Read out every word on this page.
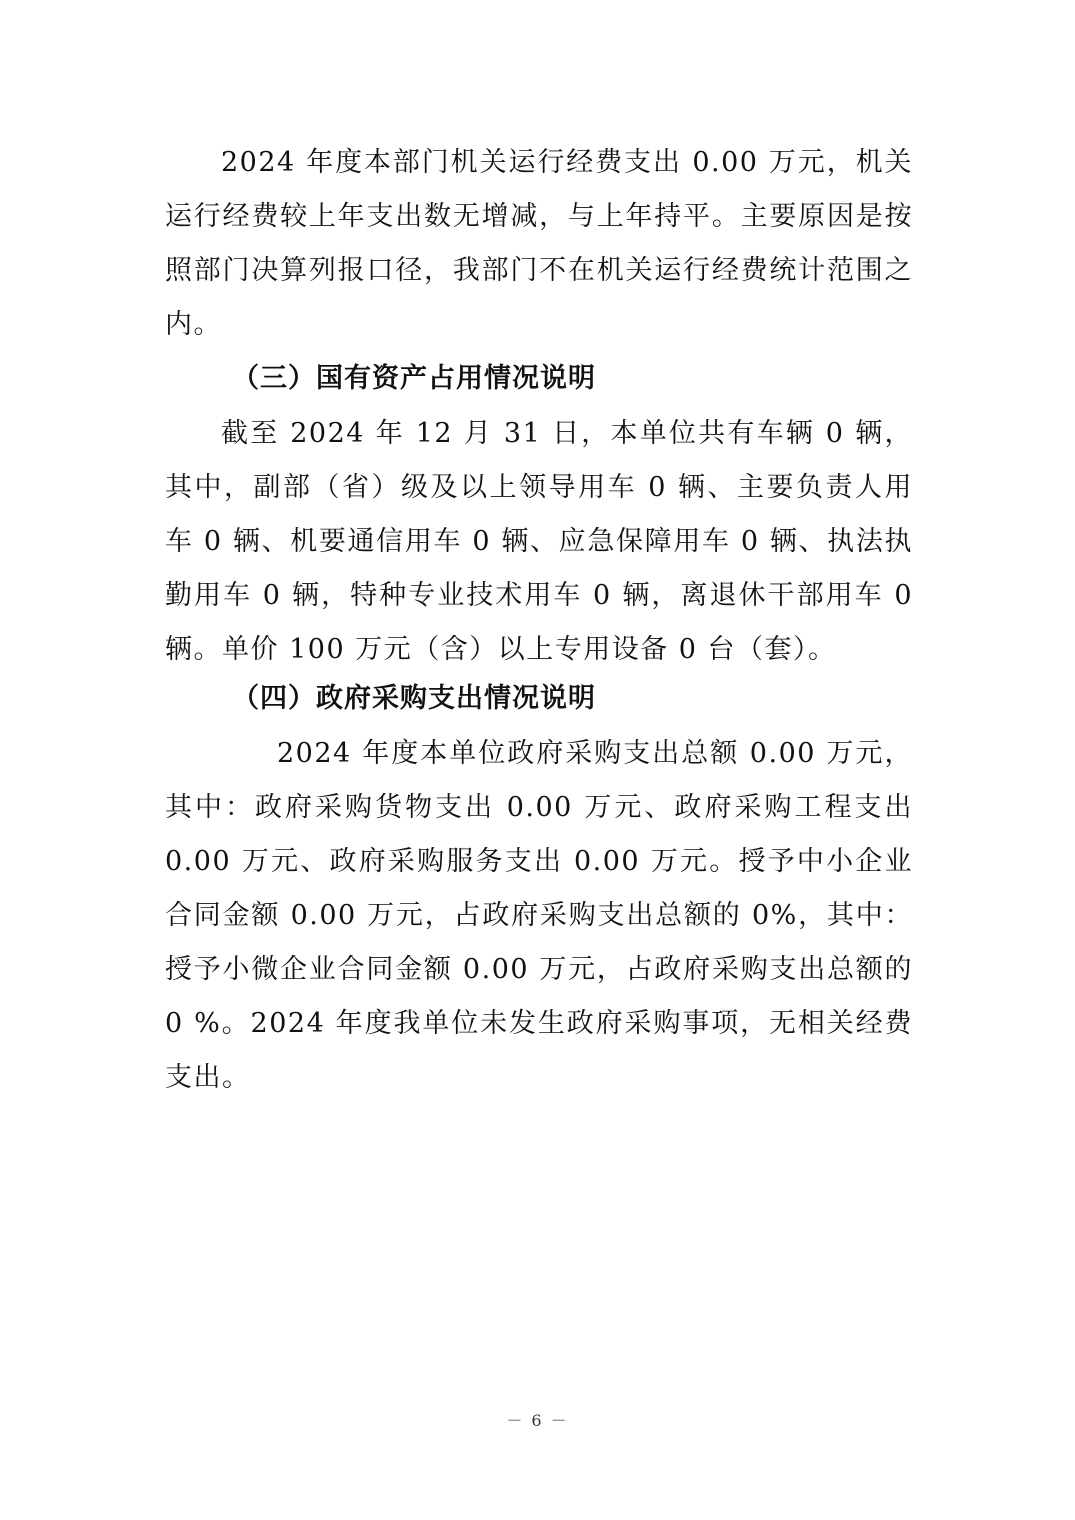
2024 年度本部门机关运行经费支出 0.00 万元，机关运行经费较上年支出数无增减，与上年持平。主要原因是按照部门决算列报口径，我部门不在机关运行经费统计范围之内。

（三）国有资产占用情况说明

截至 2024 年 12 月 31 日，本单位共有车辆 0 辆，其中，副部（省）级及以上领导用车 0 辆、主要负责人用车 0 辆、机要通信用车 0 辆、应急保障用车 0 辆、执法执勤用车 0 辆，特种专业技术用车 0 辆，离退休干部用车 0 辆。单价 100 万元（含）以上专用设备 0 台（套）。

（四）政府采购支出情况说明

2024 年度本单位政府采购支出总额 0.00 万元，其中：政府采购货物支出 0.00 万元、政府采购工程支出 0.00 万元、政府采购服务支出 0.00 万元。授予中小企业合同金额 0.00 万元，占政府采购支出总额的 0%，其中：授予小微企业合同金额 0.00 万元，占政府采购支出总额的 0 %。2024 年度我单位未发生政府采购事项，无相关经费支出。

－ 6 －
